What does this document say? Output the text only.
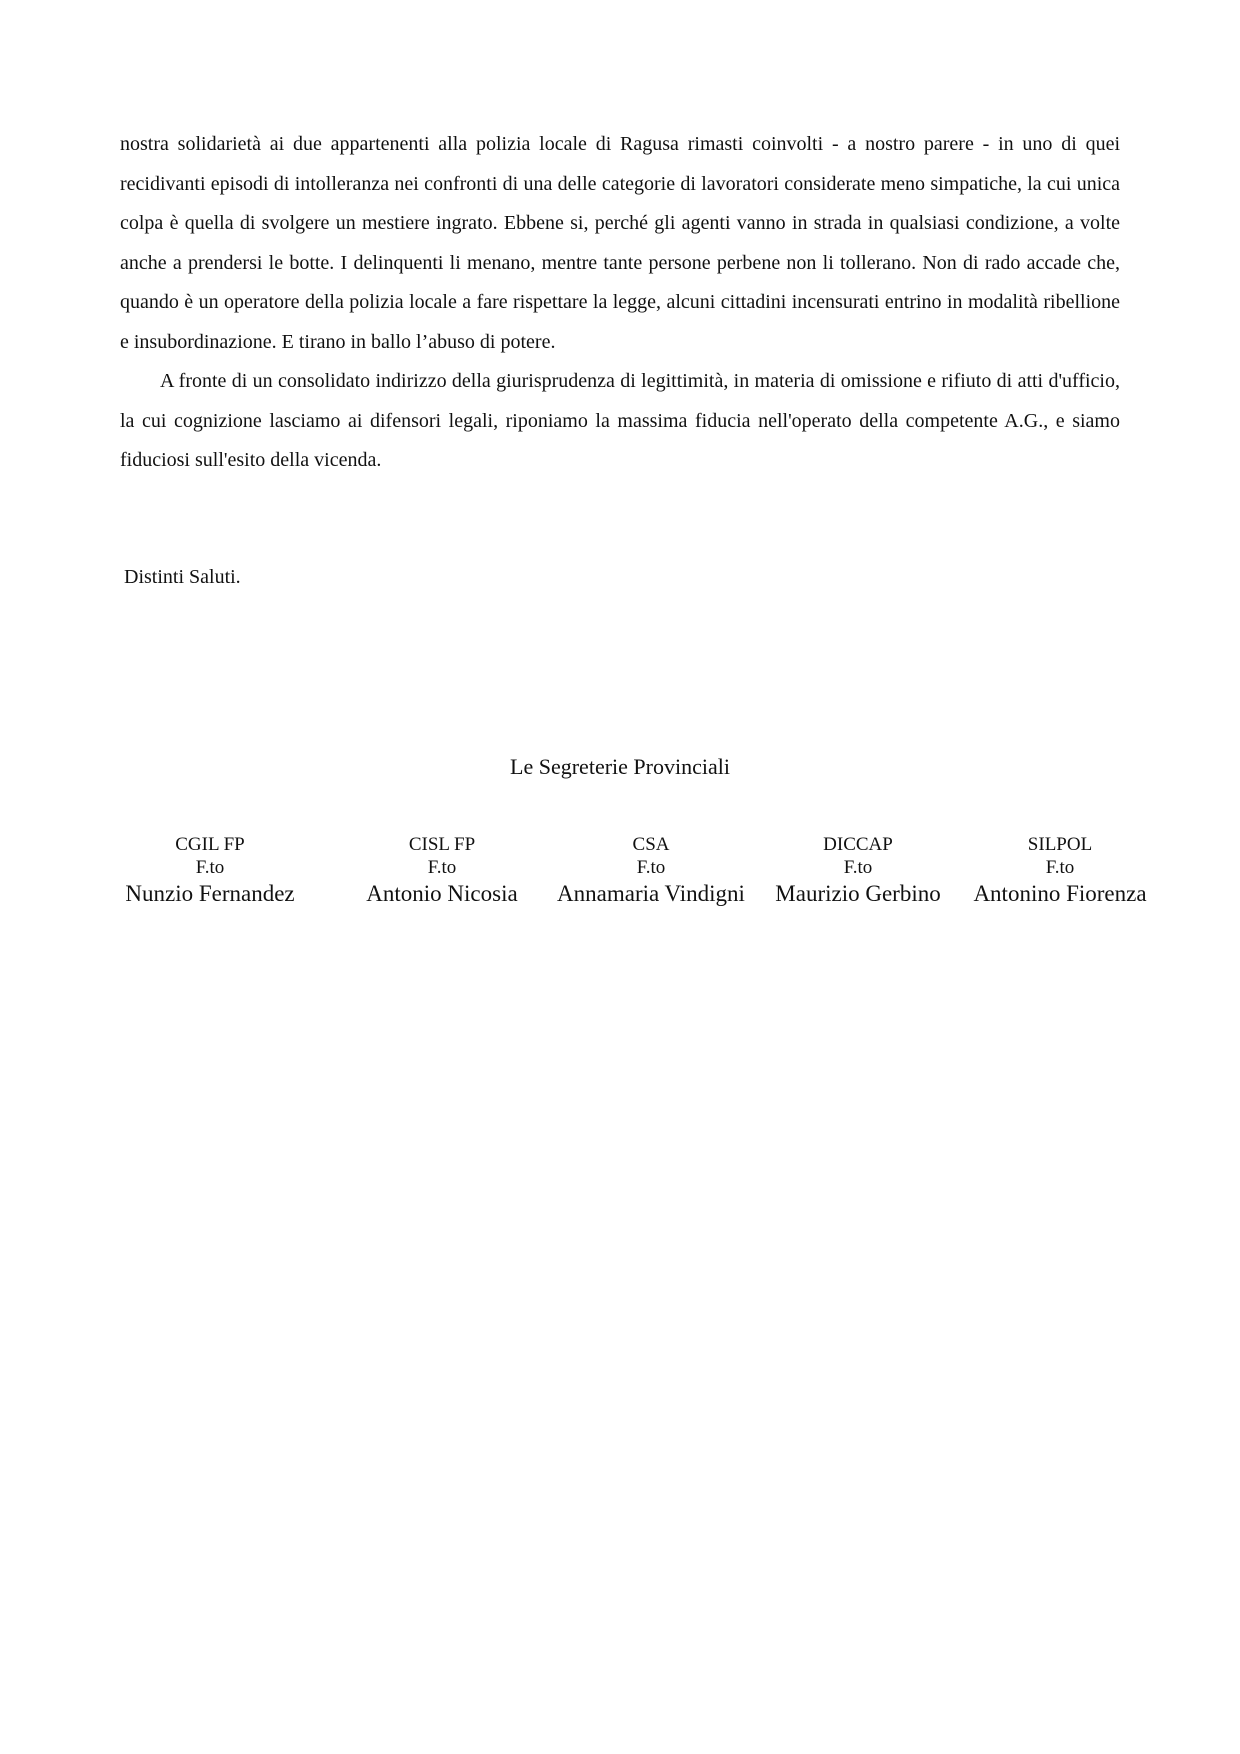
nostra solidarietà ai due appartenenti alla polizia locale di Ragusa rimasti coinvolti - a nostro parere - in uno di quei recidivanti episodi di intolleranza nei confronti di una delle categorie di lavoratori considerate meno simpatiche, la cui unica colpa è quella di svolgere un mestiere ingrato. Ebbene si, perché gli agenti vanno in strada in qualsiasi condizione, a volte anche a prendersi le botte. I delinquenti li menano, mentre tante persone perbene non li tollerano. Non di rado accade che, quando è un operatore della polizia locale a fare rispettare la legge, alcuni cittadini incensurati entrino in modalità ribellione e insubordinazione. E tirano in ballo l’abuso di potere.

A fronte di un consolidato indirizzo della giurisprudenza di legittimità, in materia di omissione e rifiuto di atti d'ufficio, la cui cognizione lasciamo ai difensori legali, riponiamo la massima fiducia nell'operato della competente A.G., e siamo fiduciosi sull'esito della vicenda.

Distinti Saluti.

Le Segreterie Provinciali

CGIL FP
F.to
Nunzio Fernandez
CISL FP
F.to
Antonio Nicosia
CSA
F.to
Annamaria Vindigni
DICCAP
F.to
Maurizio Gerbino
SILPOL
F.to
Antonino Fiorenza
